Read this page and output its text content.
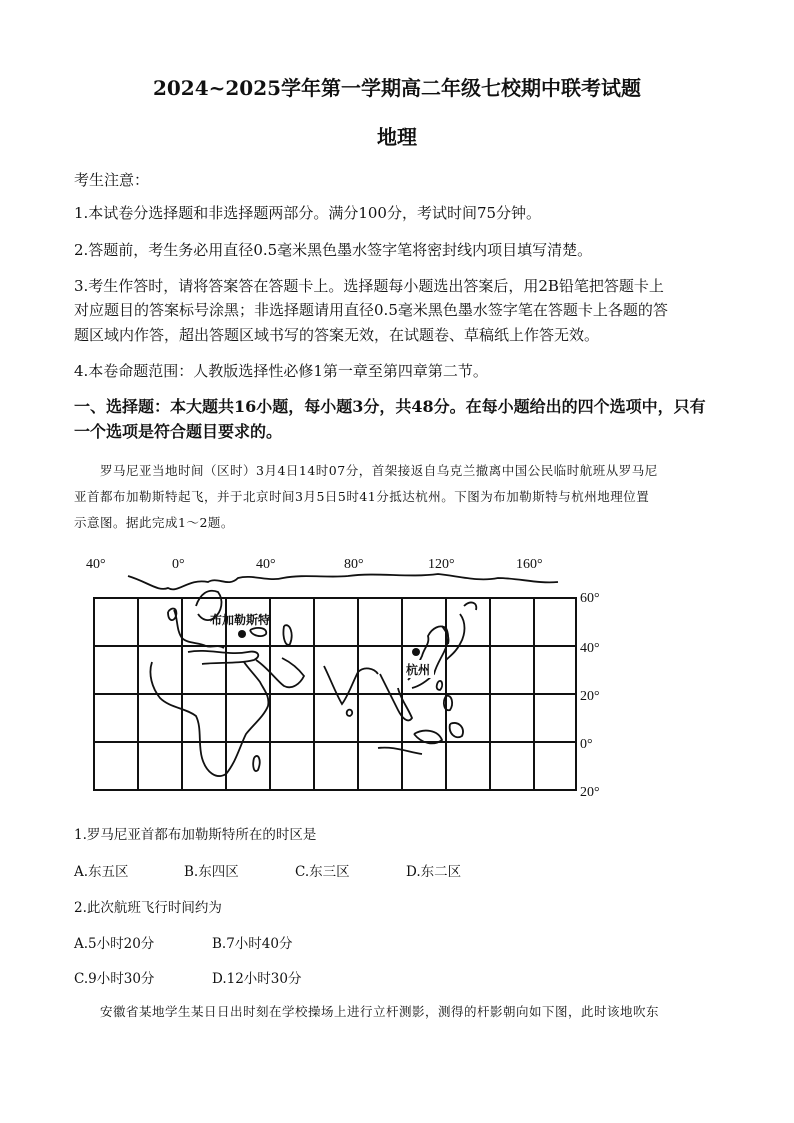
2024~2025学年第一学期高二年级七校期中联考试题
地理
考生注意：
1.本试卷分选择题和非选择题两部分。满分100分，考试时间75分钟。
2.答题前，考生务必用直径0.5毫米黑色墨水签字笔将密封线内项目填写清楚。
3.考生作答时，请将答案答在答题卡上。选择题每小题选出答案后，用2B铅笔把答题卡上
对应题目的答案标号涂黑；非选择题请用直径0.5毫米黑色墨水签字笔在答题卡上各题的答
题区域内作答，超出答题区域书写的答案无效，在试题卷、草稿纸上作答无效。
4.本卷命题范围：人教版选择性必修1第一章至第四章第二节。
一、选择题：本大题共16小题，每小题3分，共48分。在每小题给出的四个选项中，只有
一个选项是符合题目要求的。
罗马尼亚当地时间（区时）3月4日14时07分，首架接返自乌克兰撤离中国公民临时航班从罗马尼
亚首都布加勒斯特起飞，并于北京时间3月5日5时41分抵达杭州。下图为布加勒斯特与杭州地理位置
示意图。据此完成1～2题。
40°	0°	40°	80°	120°	160°
60°
40°
20°
0°
20°
布加勒斯特
杭州
1.罗马尼亚首都布加勒斯特所在的时区是
A.东五区	B.东四区	C.东三区	D.东二区
2.此次航班飞行时间约为
A.5小时20分	B.7小时40分
C.9小时30分	D.12小时30分
安徽省某地学生某日日出时刻在学校操场上进行立杆测影，测得的杆影朝向如下图，此时该地吹东
